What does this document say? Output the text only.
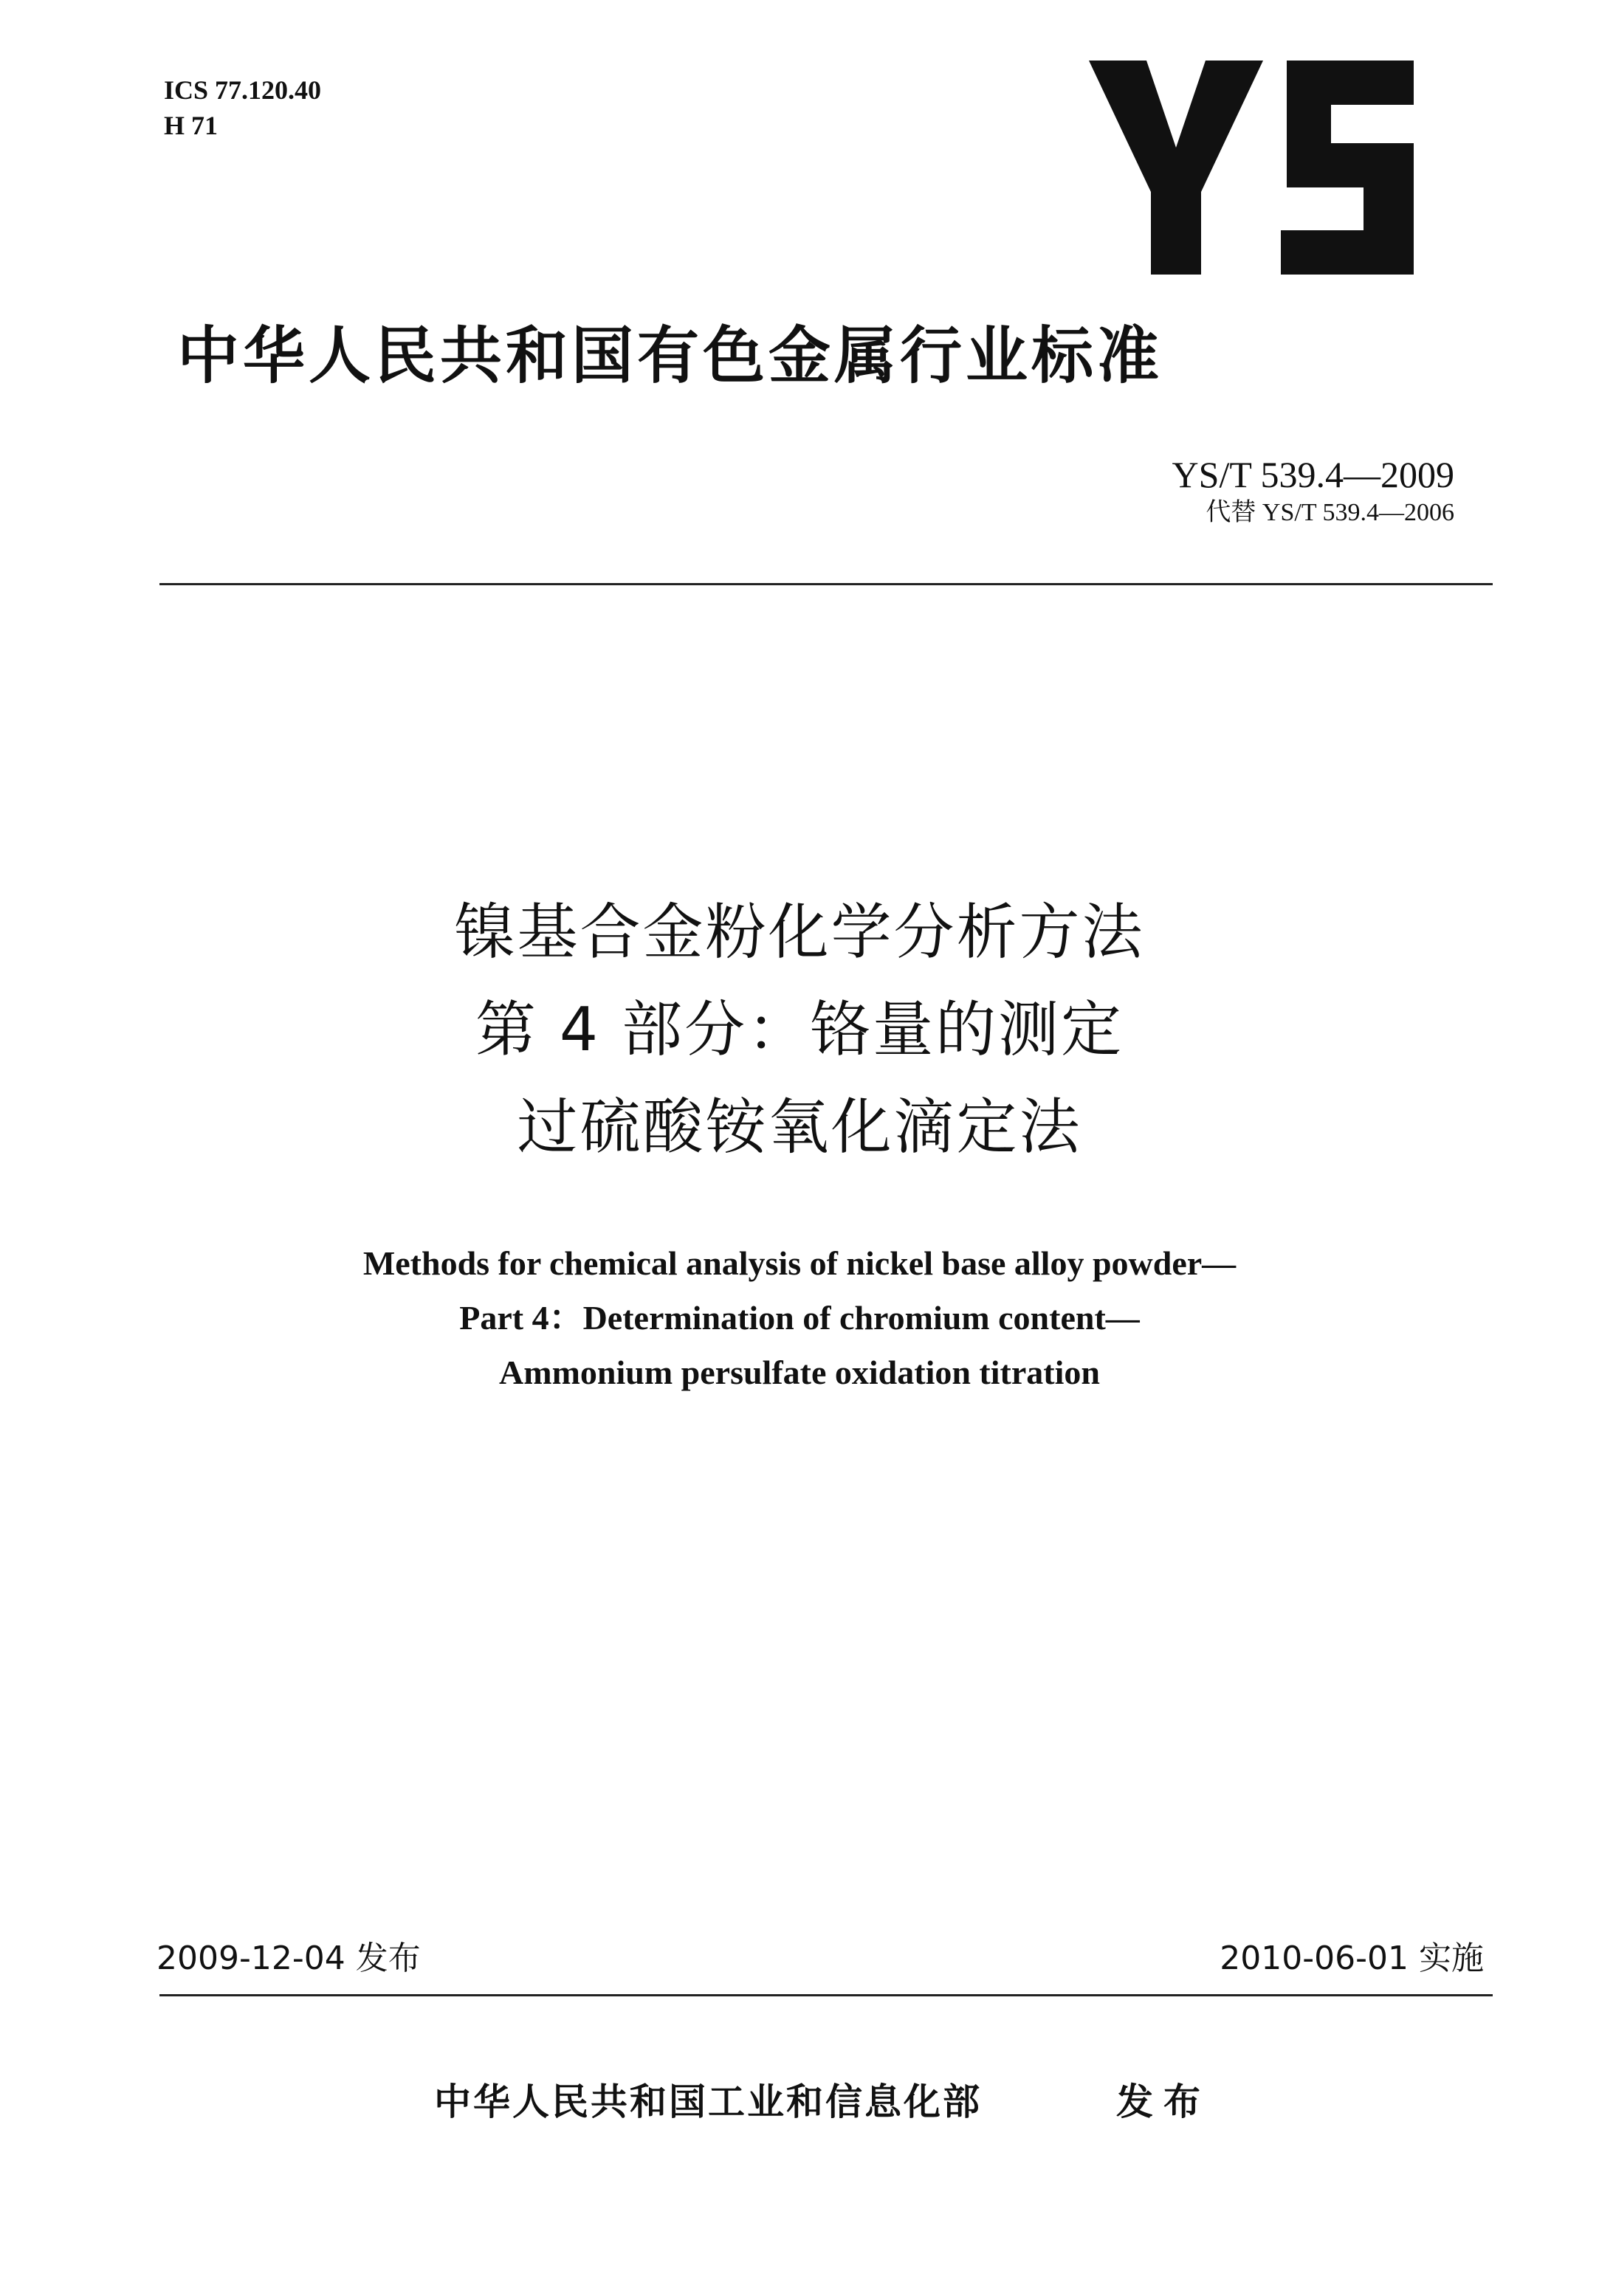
ICS 77.120.40
H 71
中华人民共和国有色金属行业标准
YS/T 539.4—2009
代替 YS/T 539.4—2006
镍基合金粉化学分析方法
第 4 部分：铬量的测定
过硫酸铵氧化滴定法
Methods for chemical analysis of nickel base alloy powder—
Part 4：Determination of chromium content—
Ammonium persulfate oxidation titration
2009-12-04 发布	2010-06-01 实施
中华人民共和国工业和信息化部	发布
